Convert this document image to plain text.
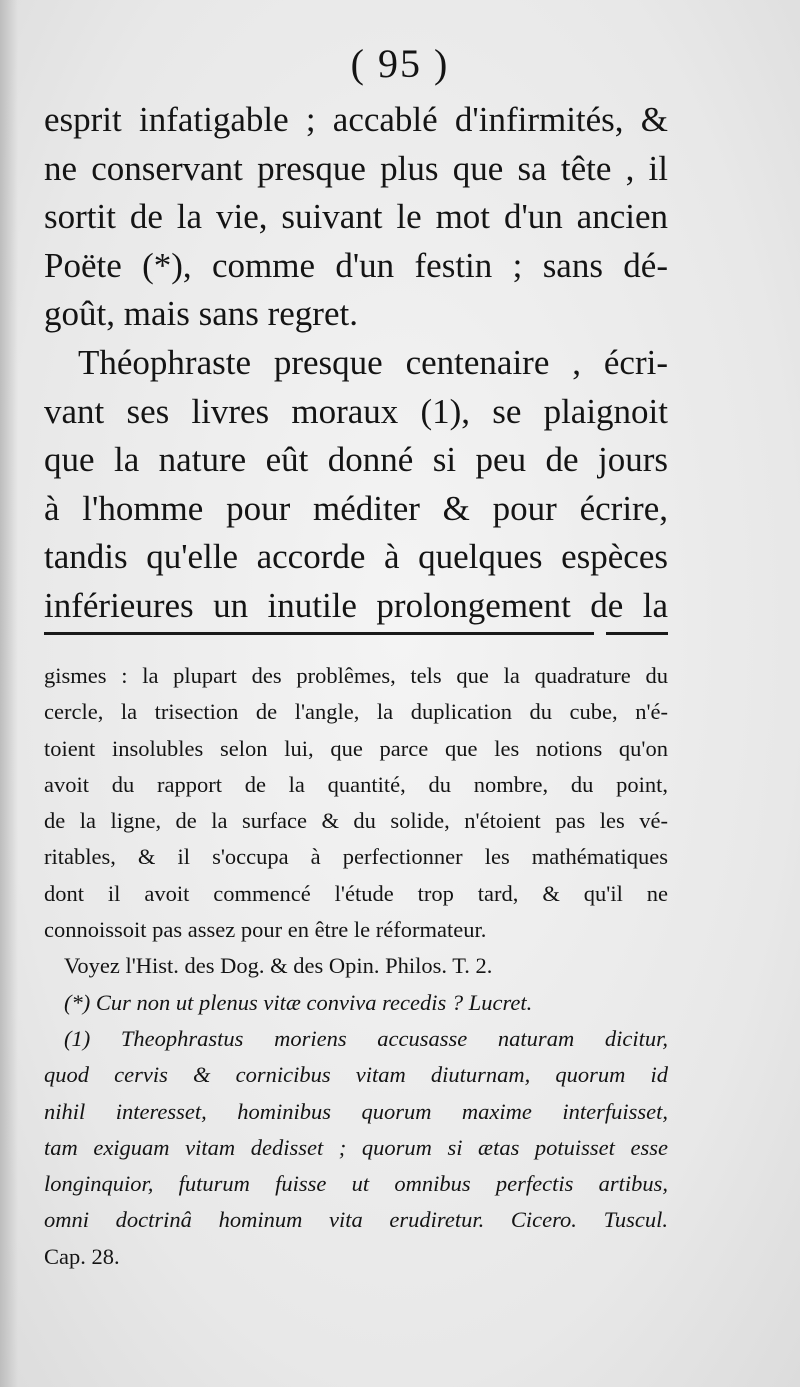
( 95 )
esprit infatigable ; accablé d'infirmités, &
ne conservant presque plus que sa tête , il
sortit de la vie, suivant le mot d'un ancien
Poëte (*), comme d'un festin ; sans dé-
goût, mais sans regret.
Théophraste presque centenaire , écri-
vant ses livres moraux (1), se plaignoit
que la nature eût donné si peu de jours
à l'homme pour méditer & pour écrire,
tandis qu'elle accorde à quelques espèces
inférieures un inutile prolongement de la
gismes : la plupart des problêmes, tels que la quadrature du
cercle, la trisection de l'angle, la duplication du cube, n'é-
toient insolubles selon lui, que parce que les notions qu'on
avoit du rapport de la quantité, du nombre, du point,
de la ligne, de la surface & du solide, n'étoient pas les vé-
ritables, & il s'occupa à perfectionner les mathématiques
dont il avoit commencé l'étude trop tard, & qu'il ne
connoissoit pas assez pour en être le réformateur.
Voyez l'Hist. des Dog. & des Opin. Philos. T. 2.
(*) Cur non ut plenus vitæ conviva recedis ? Lucret.
(1) Theophrastus moriens accusasse naturam dicitur,
quod cervis & cornicibus vitam diuturnam, quorum id
nihil interesset, hominibus quorum maxime interfuisset,
tam exiguam vitam dedisset ; quorum si ætas potuisset esse
longinquior, futurum fuisse ut omnibus perfectis artibus,
omni doctrinâ hominum vita erudiretur. Cicero. Tuscul.
Cap. 28.
